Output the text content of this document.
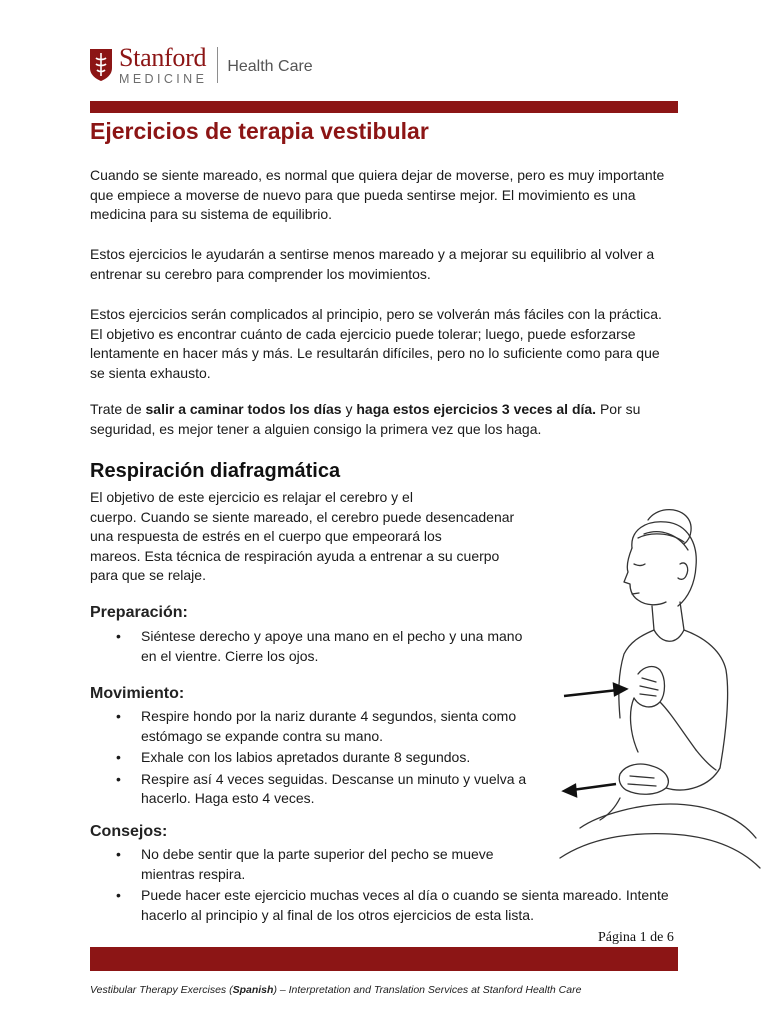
Stanford
MEDICINE
Health Care
Ejercicios de terapia vestibular

Cuando se siente mareado, es normal que quiera dejar de moverse, pero es muy importante que empiece a moverse de nuevo para que pueda sentirse mejor. El movimiento es una medicina para su sistema de equilibrio.

Estos ejercicios le ayudarán a sentirse menos mareado y a mejorar su equilibrio al volver a entrenar su cerebro para comprender los movimientos.

Estos ejercicios serán complicados al principio, pero se volverán más fáciles con la práctica. El objetivo es encontrar cuánto de cada ejercicio puede tolerar; luego, puede esforzarse lentamente en hacer más y más. Le resultarán difíciles, pero no lo suficiente como para que se sienta exhausto.

Trate de salir a caminar todos los días y haga estos ejercicios 3 veces al día. Por su seguridad, es mejor tener a alguien consigo la primera vez que los haga.

Respiración diafragmática

El objetivo de este ejercicio es relajar el cerebro y el
cuerpo. Cuando se siente mareado, el cerebro puede desencadenar
una respuesta de estrés en el cuerpo que empeorará los
mareos. Esta técnica de respiración ayuda a entrenar a su cuerpo
para que se relaje.

Preparación:
• Siéntese derecho y apoye una mano en el pecho y una mano en el vientre. Cierre los ojos.
Movimiento:
• Respire hondo por la nariz durante 4 segundos, sienta como estómago se expande contra su mano.
• Exhale con los labios apretados durante 8 segundos.
• Respire así 4 veces seguidas. Descanse un minuto y vuelva a hacerlo. Haga esto 4 veces.
Consejos:
• No debe sentir que la parte superior del pecho se mueve
mientras respira.
• Puede hacer este ejercicio muchas veces al día o cuando se sienta mareado. Intente hacerlo al principio y al final de los otros ejercicios de esta lista.
Página 1 de 6
Vestibular Therapy Exercises (Spanish) – Interpretation and Translation Services at Stanford Health Care
